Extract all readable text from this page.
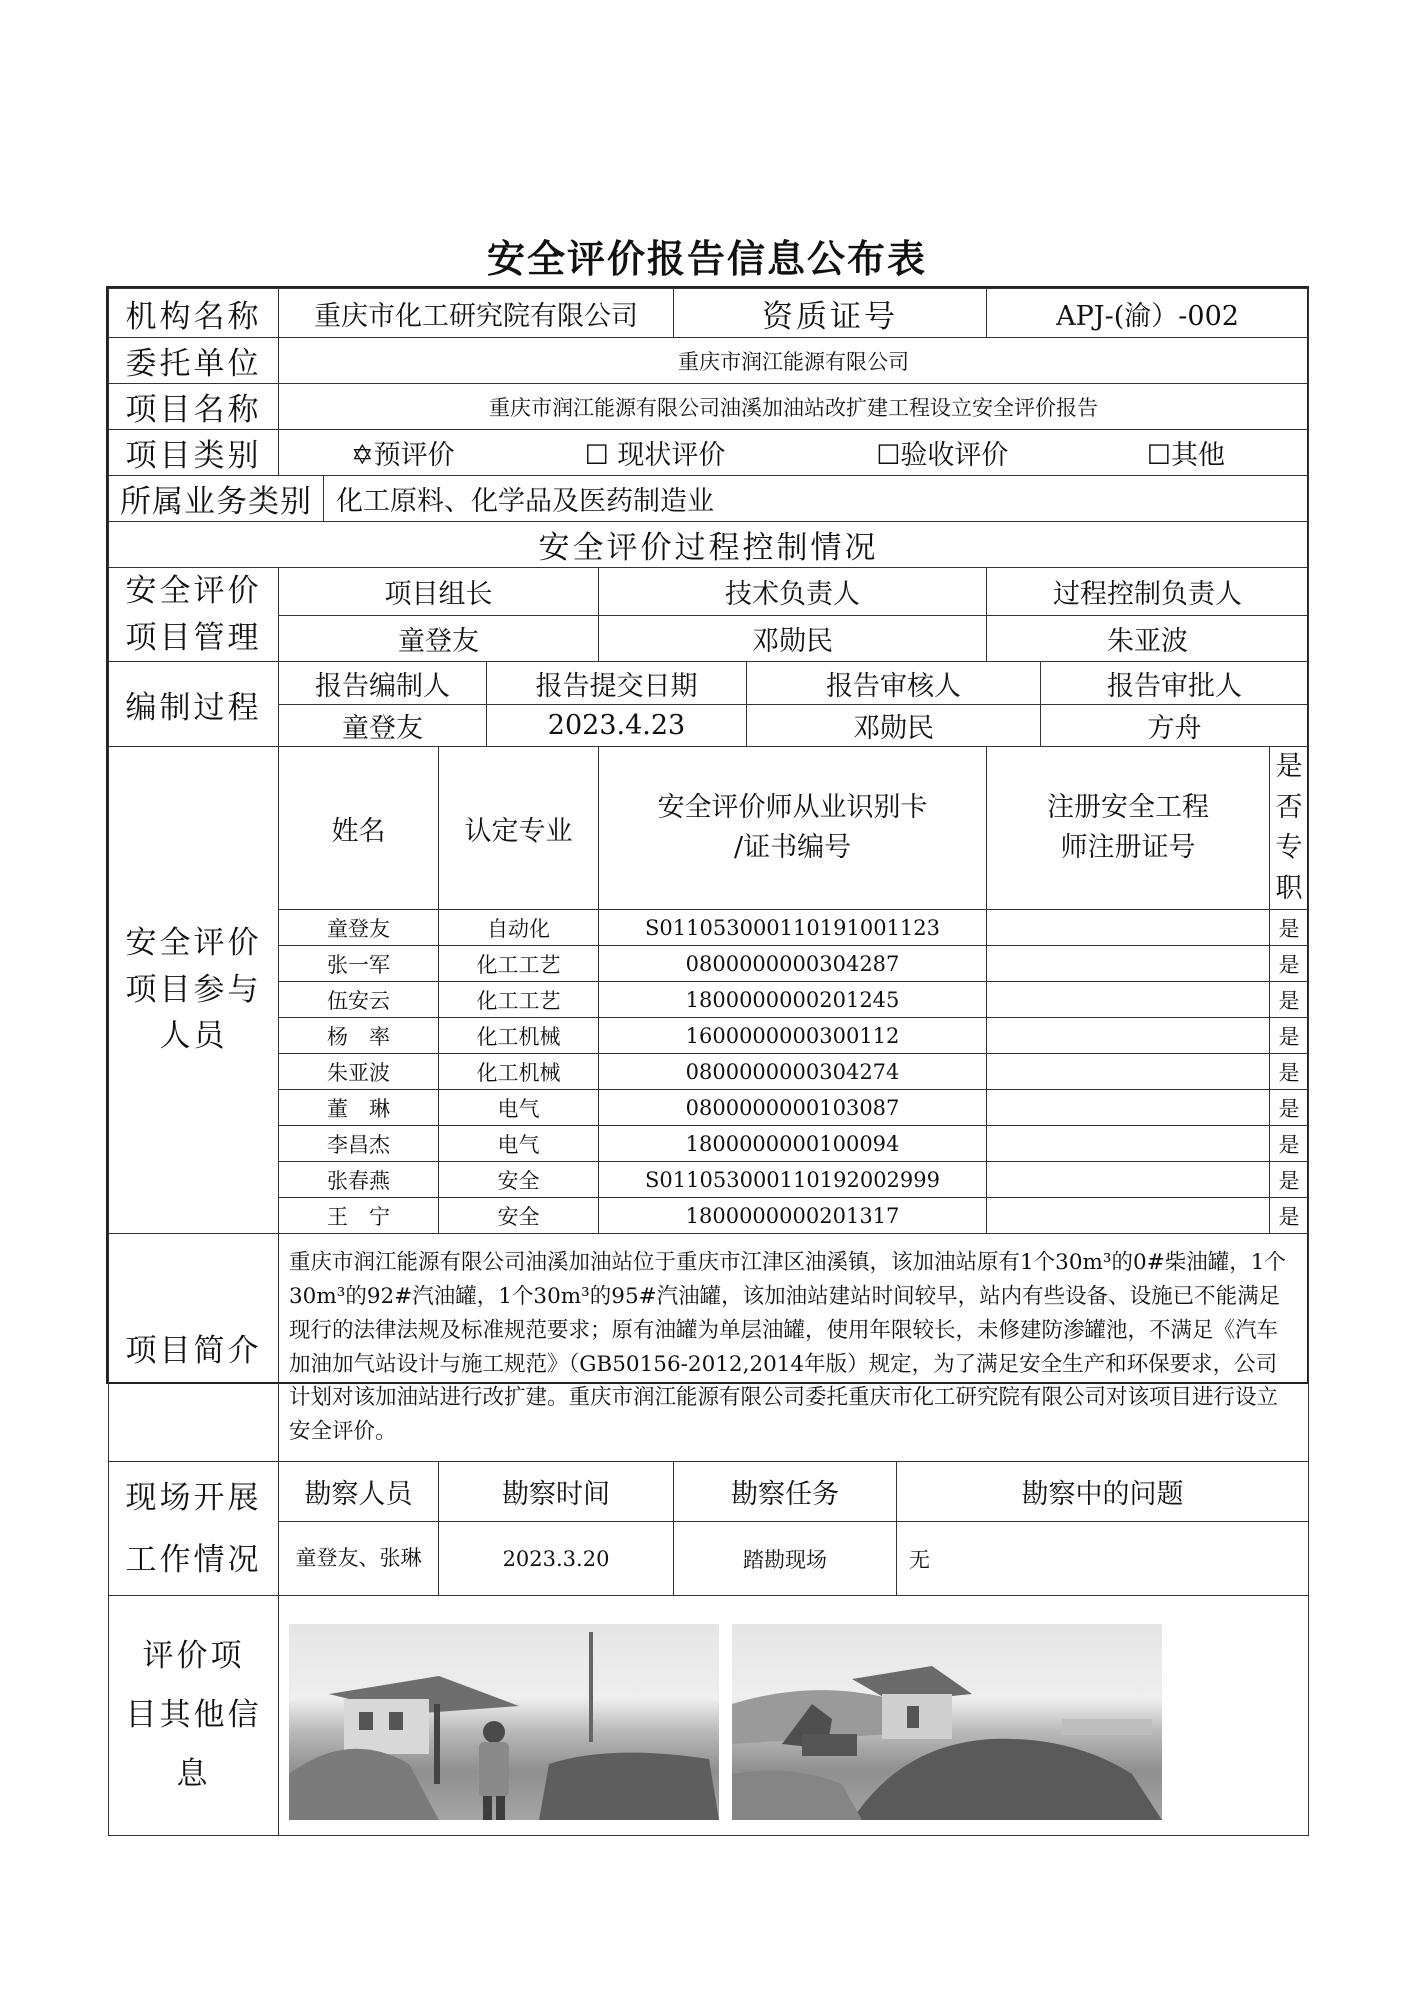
安全评价报告信息公布表
机构名称	重庆市化工研究院有限公司					资质证号			APJ-(渝）-002		
委托单位	重庆市润江能源有限公司										
项目名称	重庆市润江能源有限公司油溪加油站改扩建工程设立安全评价报告										
项目类别	✡预评价 ☐ 现状评价 ☐验收评价 ☐其他										
所属业务类别		化工原料、化学品及医药制造业									
安全评价过程控制情况											
安全评价
项目管理	项目组长				技术负责人				过程控制负责人		
	童登友				邓勋民				朱亚波		
编制过程	报告编制人			报告提交日期			报告审核人			报告审批人	
	童登友			2023.4.23			邓勋民			方舟	
安全评价
项目参与
人员	姓名		认定专业		安全评价师从业识别卡
/证书编号				注册安全工程
师注册证号		是否
专职
	童登友		自动化		S011053000110191001123						是
	张一军		化工工艺		0800000000304287						是
	伍安云		化工工艺		1800000000201245						是
	杨　率		化工机械		1600000000300112						是
	朱亚波		化工机械		0800000000304274						是
	董　琳		电气		0800000000103087						是
	李昌杰		电气		1800000000100094						是
	张春燕		安全		S011053000110192002999						是
	王　宁		安全		1800000000201317						是
项目简介	重庆市润江能源有限公司油溪加油站位于重庆市江津区油溪镇，该加油站原有1个30m³的0#柴油罐，1个30m³的92#汽油罐，1个30m³的95#汽油罐，该加油站建站时间较早，站内有些设备、设施已不能满足现行的法律法规及标准规范要求；原有油罐为单层油罐，使用年限较长，未修建防渗罐池，不满足《汽车加油加气站设计与施工规范》（GB50156-2012,2014年版）规定，为了满足安全生产和环保要求，公司计划对该加油站进行改扩建。重庆市润江能源有限公司委托重庆市化工研究院有限公司对该项目进行设立安全评价。										
现场开展
工作情况	勘察人员		勘察时间			勘察任务		勘察中的问题			
	童登友、张琳		2023.3.20			踏勘现场		无			
评价项
目其他信
息	
